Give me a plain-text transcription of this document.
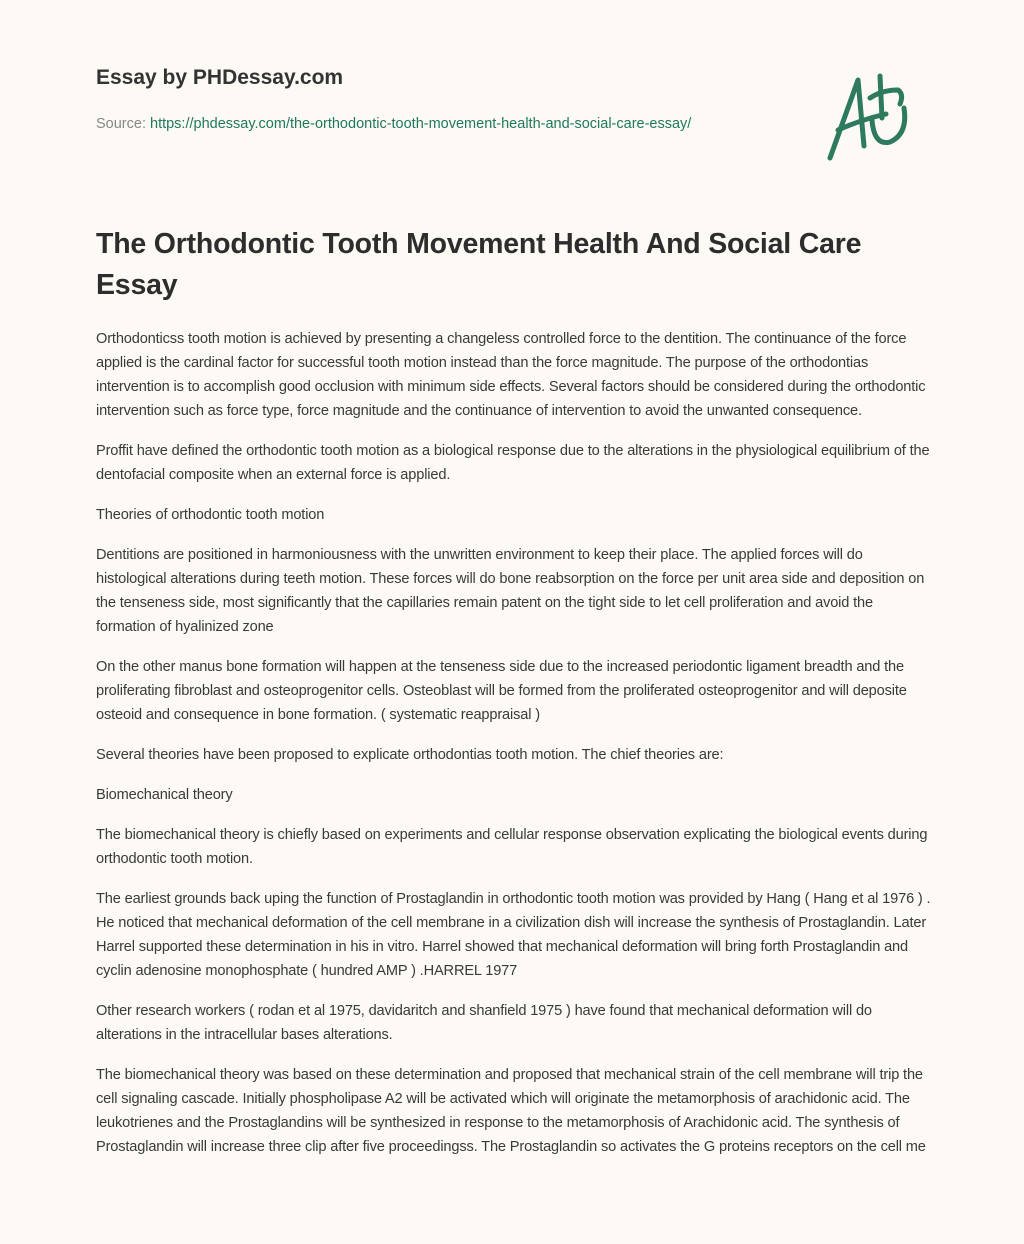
Essay by PHDessay.com
Source: https://phdessay.com/the-orthodontic-tooth-movement-health-and-social-care-essay/
The Orthodontic Tooth Movement Health And Social Care Essay

Orthodonticss tooth motion is achieved by presenting a changeless controlled force to the dentition. The continuance of the force applied is the cardinal factor for successful tooth motion instead than the force magnitude. The purpose of the orthodontias intervention is to accomplish good occlusion with minimum side effects. Several factors should be considered during the orthodontic intervention such as force type, force magnitude and the continuance of intervention to avoid the unwanted consequence.

Proffit have defined the orthodontic tooth motion as a biological response due to the alterations in the physiological equilibrium of the dentofacial composite when an external force is applied.

Theories of orthodontic tooth motion

Dentitions are positioned in harmoniousness with the unwritten environment to keep their place. The applied forces will do histological alterations during teeth motion. These forces will do bone reabsorption on the force per unit area side and deposition on the tenseness side, most significantly that the capillaries remain patent on the tight side to let cell proliferation and avoid the formation of hyalinized zone

On the other manus bone formation will happen at the tenseness side due to the increased periodontic ligament breadth and the proliferating fibroblast and osteoprogenitor cells. Osteoblast will be formed from the proliferated osteoprogenitor and will deposite osteoid and consequence in bone formation. ( systematic reappraisal )

Several theories have been proposed to explicate orthodontias tooth motion. The chief theories are:

Biomechanical theory

The biomechanical theory is chiefly based on experiments and cellular response observation explicating the biological events during orthodontic tooth motion.

The earliest grounds back uping the function of Prostaglandin in orthodontic tooth motion was provided by Hang ( Hang et al 1976 ) . He noticed that mechanical deformation of the cell membrane in a civilization dish will increase the synthesis of Prostaglandin. Later Harrel supported these determination in his in vitro. Harrel showed that mechanical deformation will bring forth Prostaglandin and cyclin adenosine monophosphate ( hundred AMP ) .HARREL 1977

Other research workers ( rodan et al 1975, davidaritch and shanfield 1975 ) have found that mechanical deformation will do alterations in the intracellular bases alterations.

The biomechanical theory was based on these determination and proposed that mechanical strain of the cell membrane will trip the cell signaling cascade. Initially phospholipase A2 will be activated which will originate the metamorphosis of arachidonic acid. The leukotrienes and the Prostaglandins will be synthesized in response to the metamorphosis of Arachidonic acid. The synthesis of Prostaglandin will increase three clip after five proceedingss. The Prostaglandin so activates the G proteins receptors on the cell me
